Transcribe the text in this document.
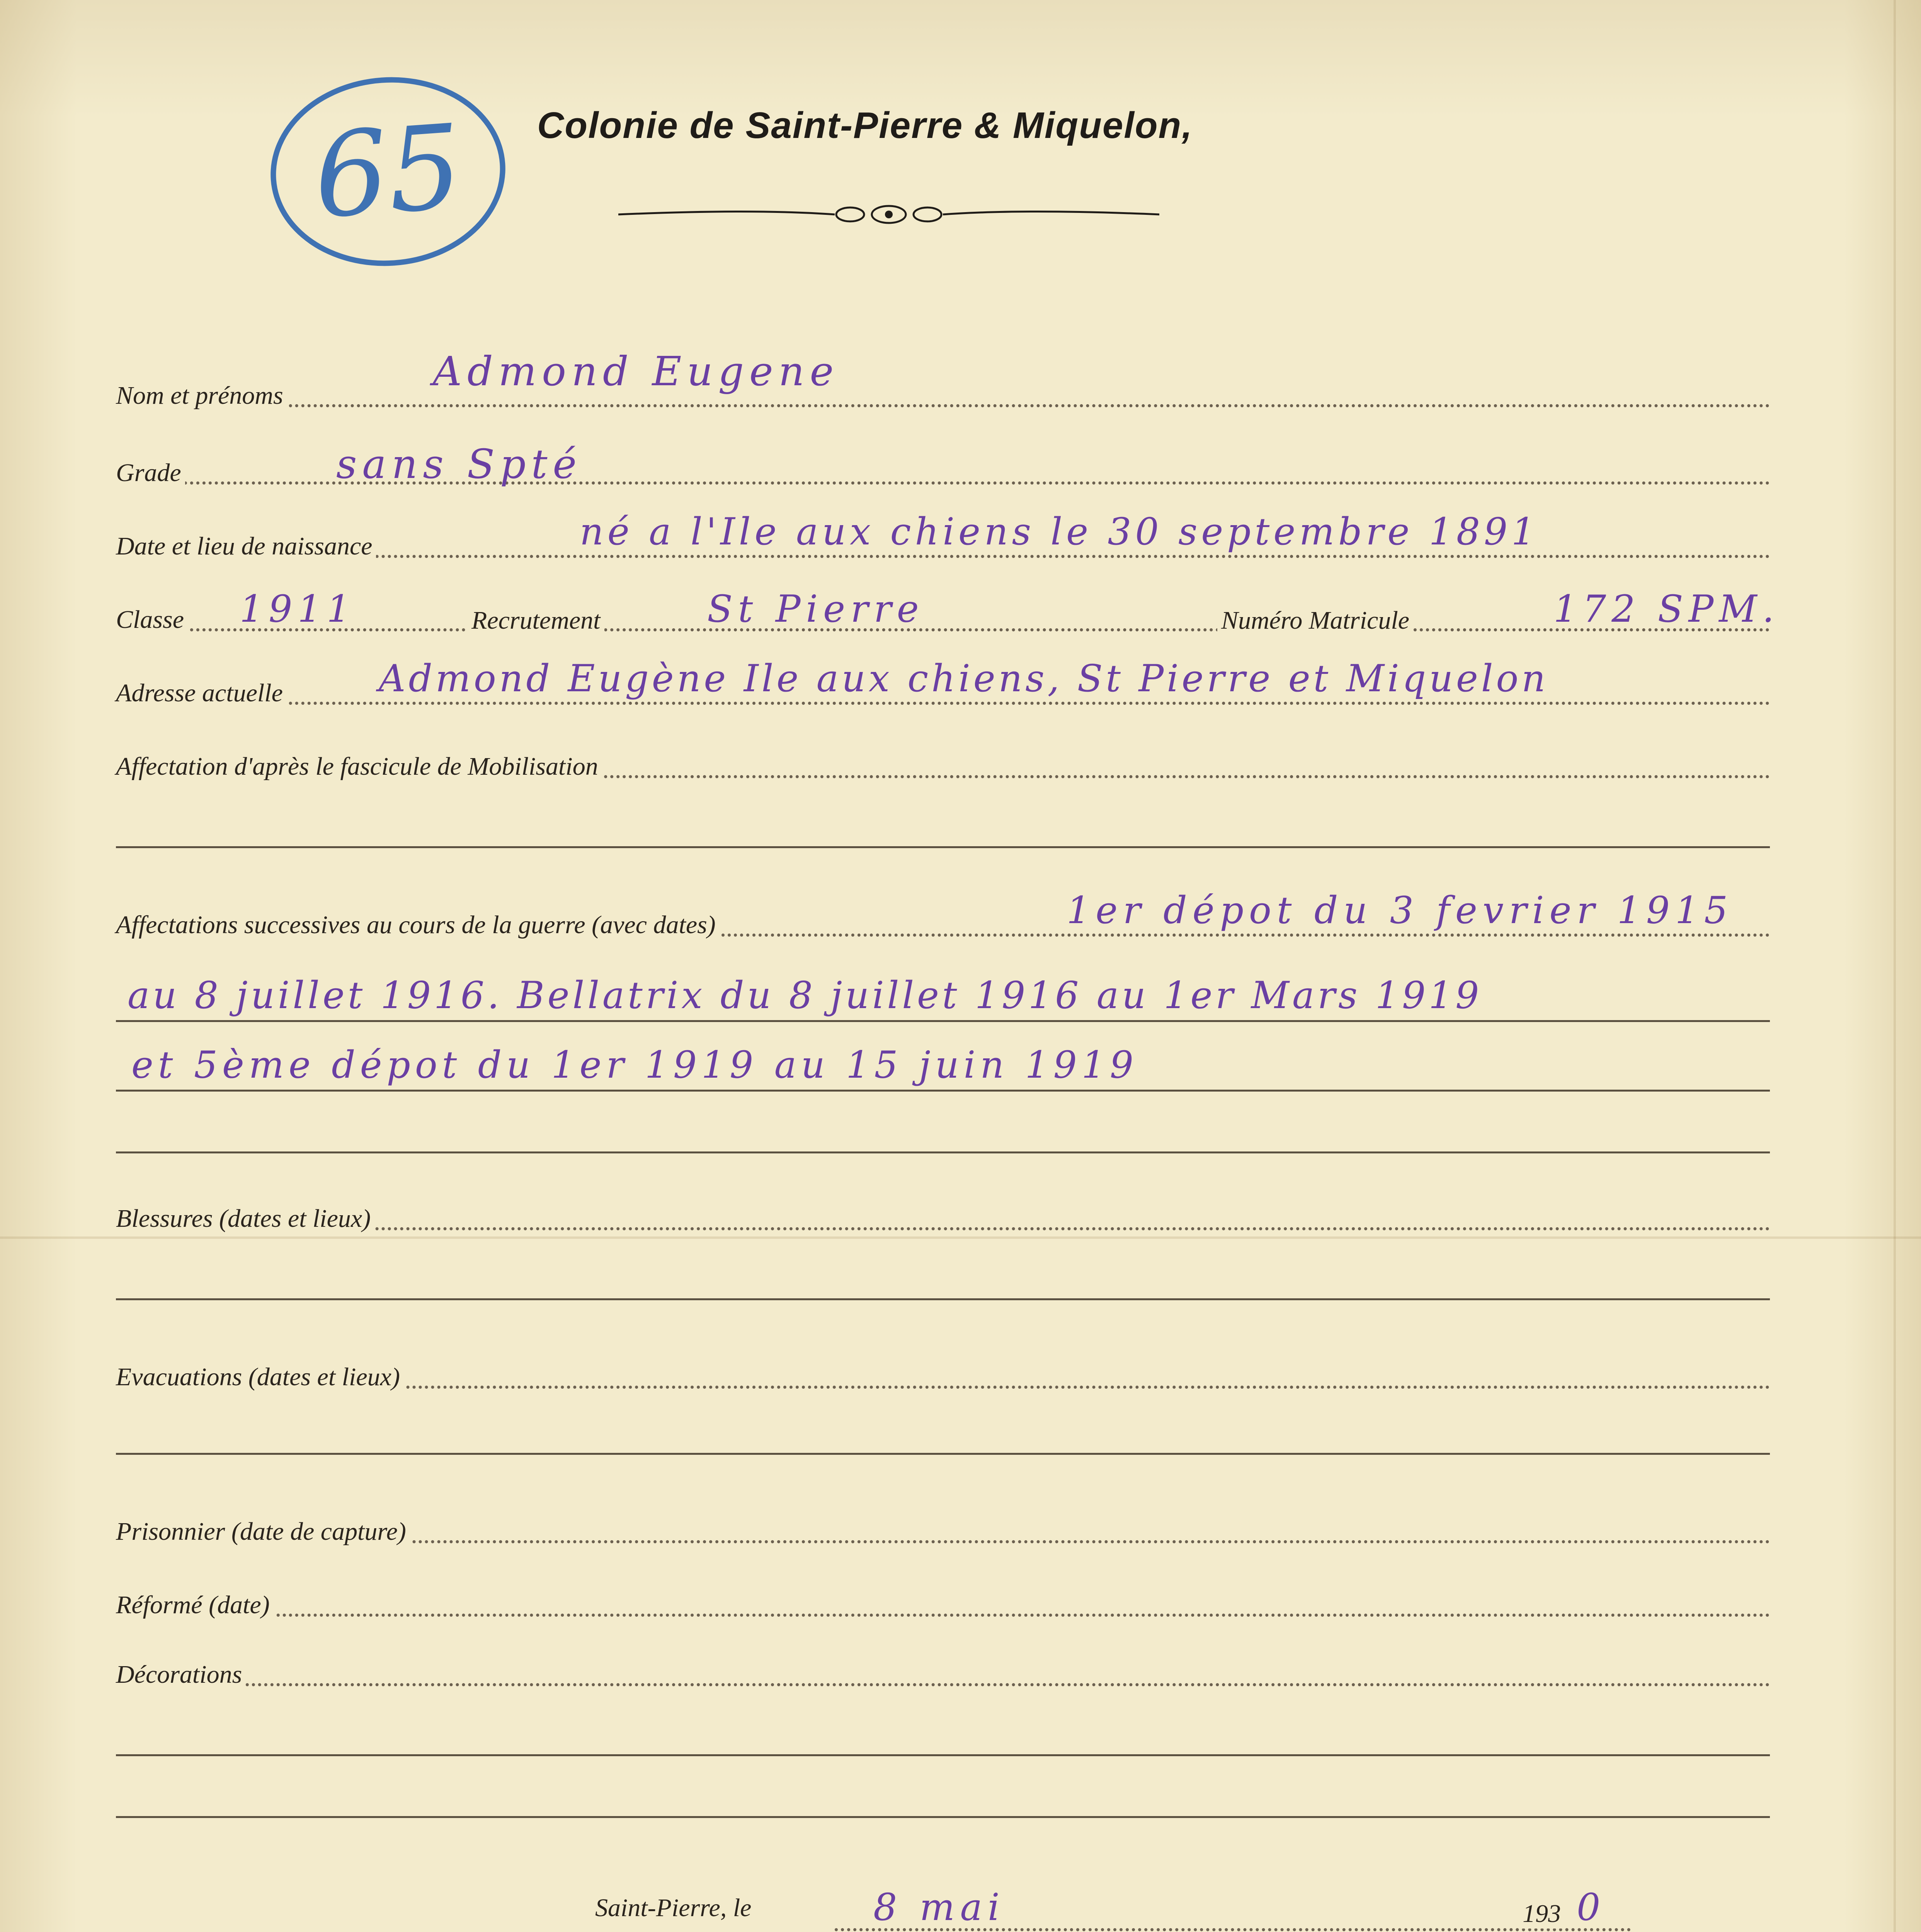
65 Colonie de Saint-Pierre & Miquelon,
Nom et prénoms
Admond Eugene
Grade	sans Spté
Date et lieu de naissance	né a l'Ile aux chiens le 30 septembre 1891
Classe	Recrutement	Numéro Matricule
1911	St Pierre	172 SPM.
Adresse actuelle	Admond Eugène Ile aux chiens, St Pierre et Miquelon
Affectation d'après le fascicule de Mobilisation
Affectations successives au cours de la guerre (avec dates)	1er dépot du 3 fevrier 1915
au 8 juillet 1916. Bellatrix du 8 juillet 1916 au 1er Mars 1919
et 5ème dépot du 1er 1919 au 15 juin 1919
Blessures (dates et lieux)
Evacuations (dates et lieux)
Prisonnier (date de capture)
Réformé (date)
Décorations
Saint-Pierre, le	8 mai	193 0
